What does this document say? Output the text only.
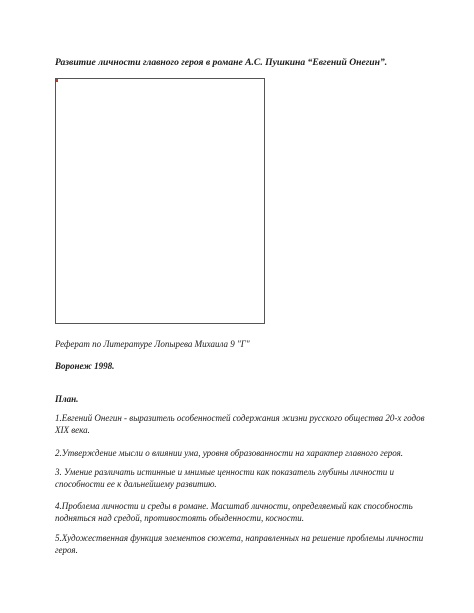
Развитие личности главного героя в романе А.С. Пушкина “Евгений Онегин”.
Реферат по Литературе Лопырева Михаила 9 "Г"
Воронеж 1998.
План.
1.Евгений Онегин - выразитель особенностей содержания жизни русского общества 20-х годов XIX века.
2.Утверждение мысли о влиянии ума, уровня образованности на характер главного героя.
3. Умение различать истинные и мнимые ценности как показатель глубины личности и способности ее к дальнейшему развитию.
4.Проблема личности и среды в романе. Масштаб личности, определяемый как способность подняться над средой, противостоять обыденности, косности.
5.Художественная функция элементов сюжета, направленных на решение проблемы личности героя.
